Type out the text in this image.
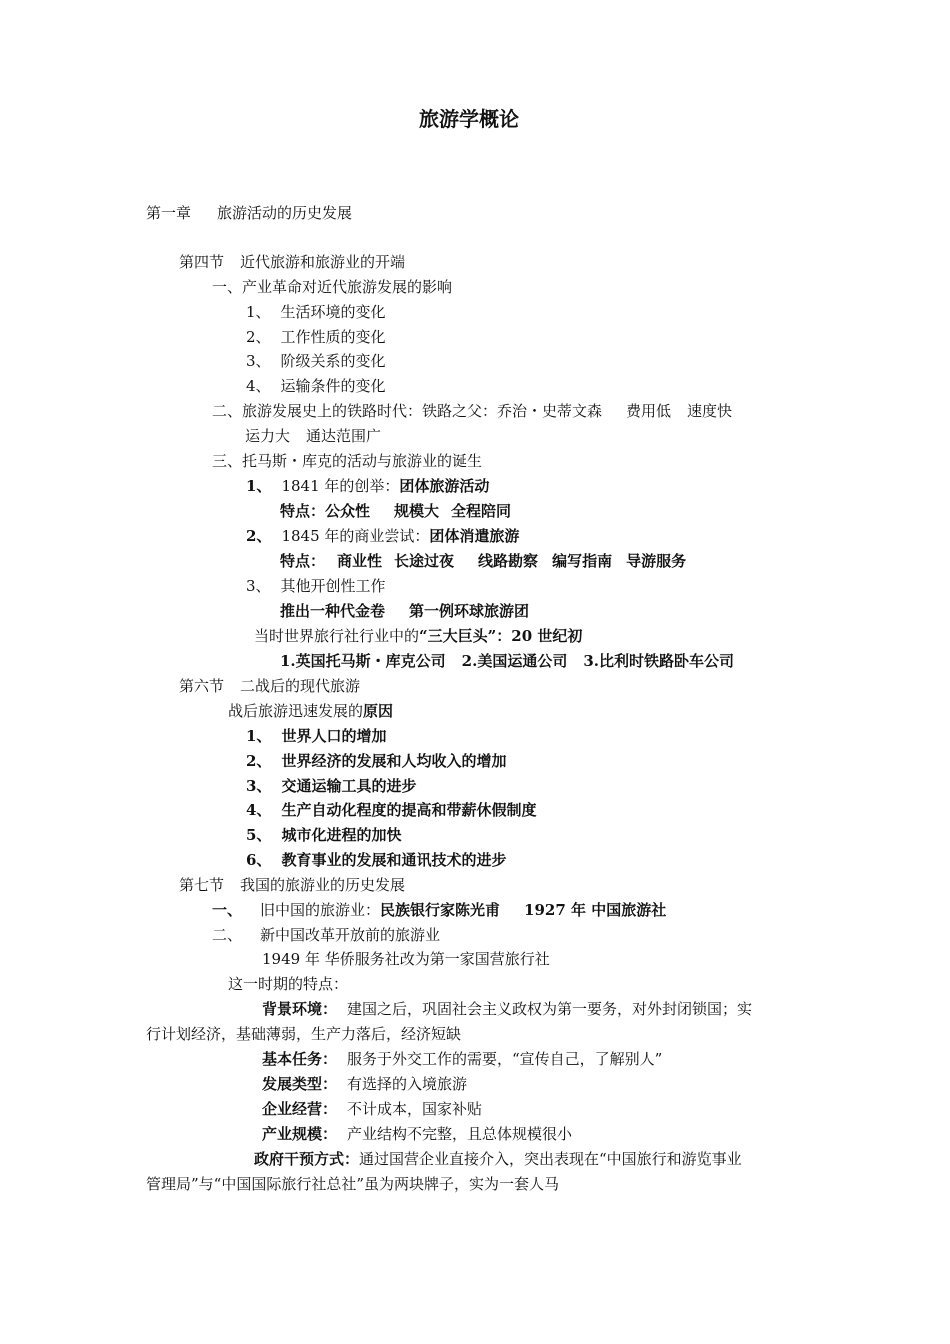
旅游学概论
第一章 旅游活动的历史发展
第四节 近代旅游和旅游业的开端
一、产业革命对近代旅游发展的影响
1、 生活环境的变化
2、 工作性质的变化
3、 阶级关系的变化
4、 运输条件的变化
二、旅游发展史上的铁路时代：铁路之父：乔治・史蒂文森 费用低 速度快
运力大 通达范围广
三、托马斯・库克的活动与旅游业的诞生
1、 1841 年的创举：团体旅游活动
特点：公众性 规模大 全程陪同
2、 1845 年的商业尝试：团体消遣旅游
特点： 商业性 长途过夜 线路勘察 编写指南 导游服务
3、 其他开创性工作
推出一种代金卷 第一例环球旅游团
当时世界旅行社行业中的“三大巨头”：20 世纪初
1.英国托马斯・库克公司 2.美国运通公司 3.比利时铁路卧车公司
第六节 二战后的现代旅游
战后旅游迅速发展的原因
1、 世界人口的增加
2、 世界经济的发展和人均收入的增加
3、 交通运输工具的进步
4、 生产自动化程度的提高和带薪休假制度
5、 城市化进程的加快
6、 教育事业的发展和通讯技术的进步
第七节 我国的旅游业的历史发展
一、 旧中国的旅游业：民族银行家陈光甫 1927 年 中国旅游社
二、 新中国改革开放前的旅游业
1949 年 华侨服务社改为第一家国营旅行社
这一时期的特点：
背景环境： 建国之后，巩固社会主义政权为第一要务，对外封闭锁国；实
行计划经济，基础薄弱，生产力落后，经济短缺
基本任务： 服务于外交工作的需要，“宣传自己，了解别人”
发展类型： 有选择的入境旅游
企业经营： 不计成本，国家补贴
产业规模： 产业结构不完整，且总体规模很小
政府干预方式：通过国营企业直接介入，突出表现在“中国旅行和游览事业
管理局”与“中国国际旅行社总社”虽为两块牌子，实为一套人马
